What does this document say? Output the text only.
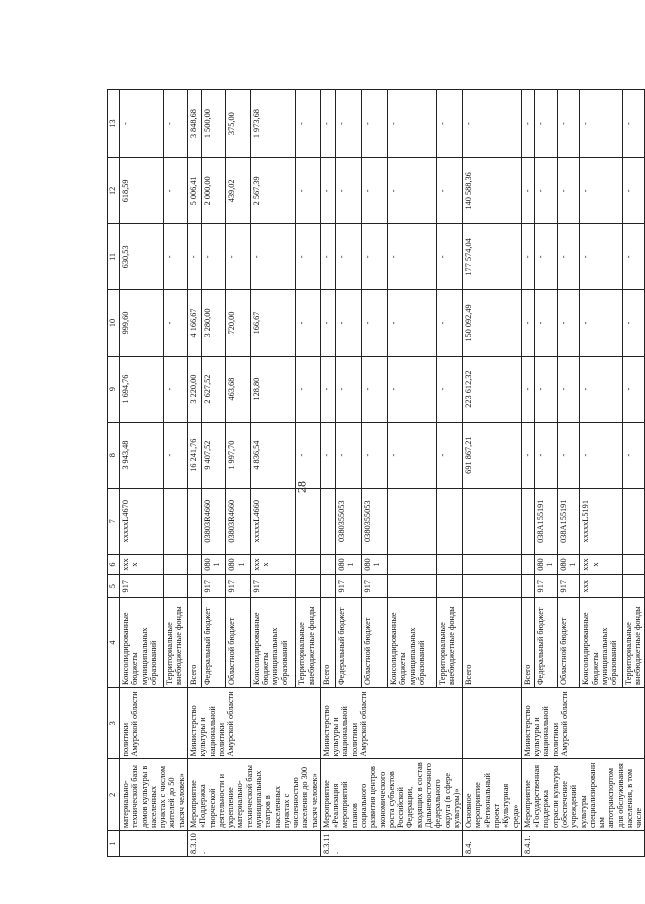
28
1	2	3	4	5	6	7	8	9	10	11	12	13
	материально-технической базы домов культуры в населенных пунктах с числом жителей до 50 тысяч человек»	политики Амурской области	Консолидированные бюджеты муниципальных образований	917	xxxx	xxxxxL4670	3 943,48	1 694,76	999,60	630,53	618,59	-
			Территориальные внебюджетные фонды				-	-	-	-	-	-
8.3.10.	Мероприятие «Поддержка творческой деятельности и укрепление материально-технической базы муниципальных театров в населенных пунктах с численностью населения до 300 тысяч человек»	Министерство культуры и национальной политики Амурской области	Всего				16 241,76	3 220,00	4 166,67	-	5 006,41	3 848,68
			Федеральный бюджет	917	0801	03803R4660	9 407,52	2 627,52	3 280,00	-	2 000,00	1 500,00
			Областной бюджет	917	0801	03803R4660	1 997,70	463,68	720,00	-	439,02	375,00
			Консолидированные бюджеты муниципальных образований	917	xxxx	xxxxxL4660	4 836,54	128,80	166,67	-	2 567,39	1 973,68
			Территориальные внебюджетные фонды				-	-	-	-	-	-
8.3.11.	Мероприятие «Реализация мероприятий планов социального развития центров экономического роста субъектов Российской Федерации, входящих в состав Дальневосточного федерального округа (в сфере культуры)»	Министерство культуры и национальной политики Амурской области	Всего				-	-	-	-	-	-
			Федеральный бюджет	917	0801	0380355053	-	-	-	-	-	-
			Областной бюджет	917	0801	0380355053	-	-	-	-	-	-
			Консолидированные бюджеты муниципальных образований				-	-	-	-	-	-
			Территориальные внебюджетные фонды				-	-	-	-	-	-
8.4.	Основное мероприятие «Региональный проект «Культурная среда»		Всего				691 867,21	223 612,32	150 092,49	177 574,04	140 588,36	-
8.4.1.	Мероприятие «Государственная поддержка отрасли культуры (обеспечение учреждений культуры специализированным автотранспортом для обслуживания населения, в том числе	Министерство культуры и национальной политики Амурской области	Всего				-	-	-	-	-	-
			Федеральный бюджет	917	0801	038A155191	-	-	-	-	-	-
			Областной бюджет	917	0801	038A155191	-	-	-	-	-	-
			Консолидированные бюджеты муниципальных образований	xxx	xxxx	xxxxxL5191	-	-	-	-	-	-
			Территориальные внебюджетные фонды				-	-	-	-	-	-
